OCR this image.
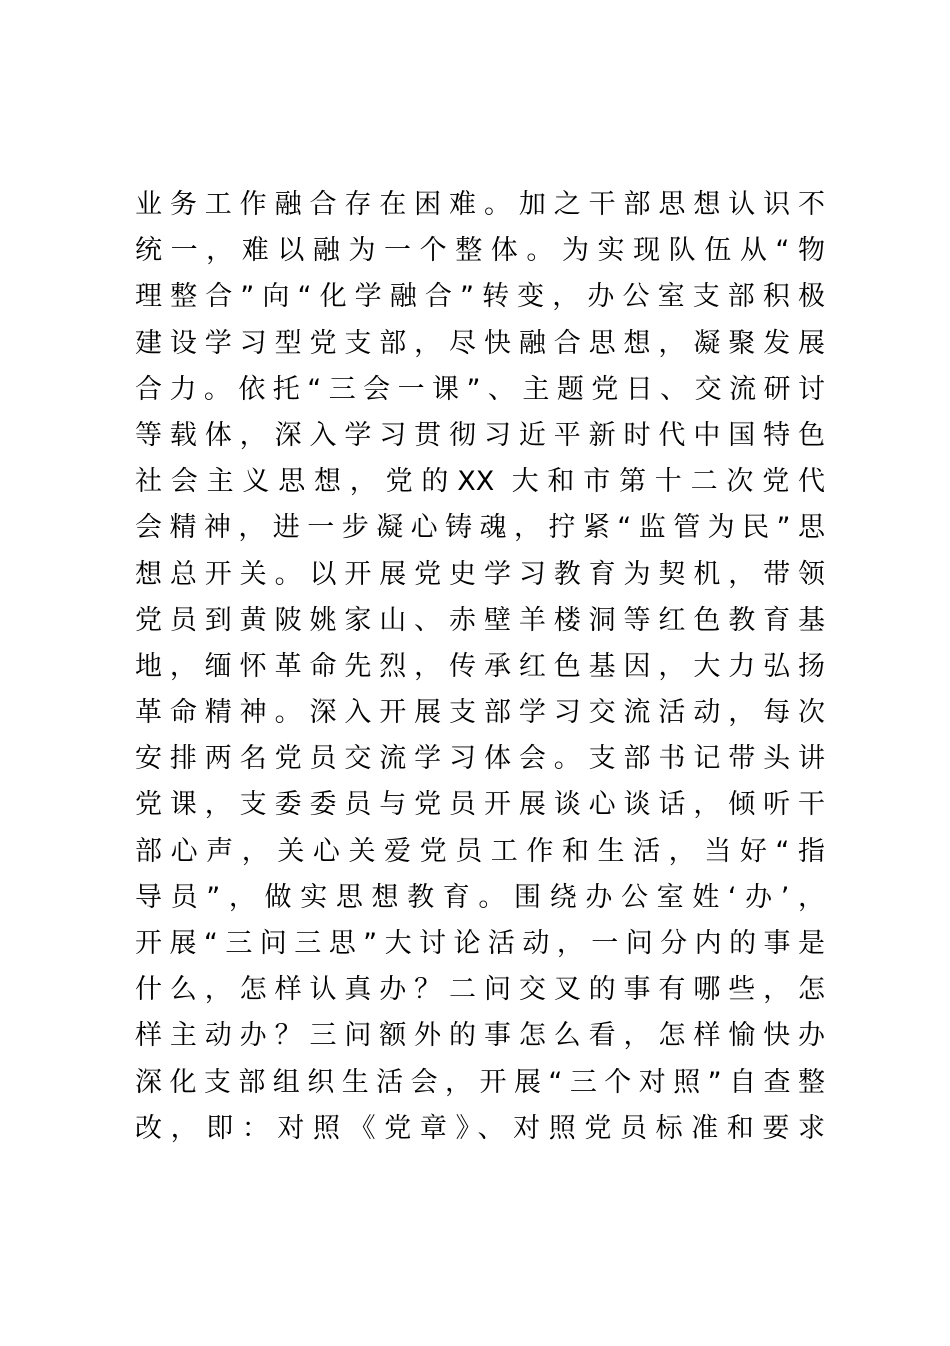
业务工作融合存在困难。加之干部思想认识不
统一，难以融为一个整体。为实现队伍从“物
理整合”向“化学融合”转变，办公室支部积极
建设学习型党支部，尽快融合思想，凝聚发展
合力。依托“三会一课”、主题党日、交流研讨
等载体，深入学习贯彻习近平新时代中国特色
社会主义思想，党的XX 大和市第十二次党代
会精神，进一步凝心铸魂，拧紧“监管为民”思
想总开关。以开展党史学习教育为契机，带领
党员到黄陂姚家山、赤壁羊楼洞等红色教育基
地，缅怀革命先烈，传承红色基因，大力弘扬
革命精神。深入开展支部学习交流活动，每次
安排两名党员交流学习体会。支部书记带头讲
党课，支委委员与党员开展谈心谈话，倾听干
部心声，关心关爱党员工作和生活，当好“指
导员”，做实思想教育。围绕办公室姓‘办’，
开展“三问三思”大讨论活动，一问分内的事是
什么，怎样认真办？二问交叉的事有哪些，怎
样主动办？三问额外的事怎么看，怎样愉快办
深化支部组织生活会，开展“三个对照”自查整
改，即：对照《党章》、对照党员标准和要求
